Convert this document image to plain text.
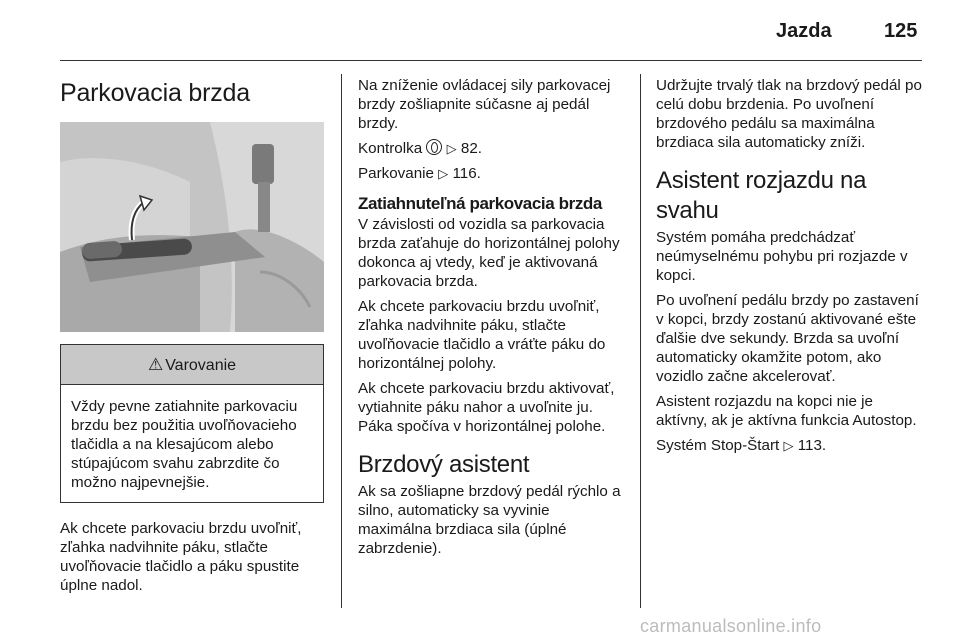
Jazda	125
Parkovacia brzda
⚠ Varovanie
Vždy pevne zatiahnite parkovaciu brzdu bez použitia uvoľňovacieho tlačidla a na klesajúcom alebo stúpajúcom svahu zabrzdite čo možno najpevnejšie.

Ak chcete parkovaciu brzdu uvoľniť, zľahka nadvihnite páku, stlačte uvoľňovacie tlačidlo a páku spustite úplne nadol.

Na zníženie ovládacej sily parkovacej brzdy zošliapnite súčasne aj pedál brzdy.

Kontrolka ▷ 82.

Parkovanie ▷ 116.

Zatiahnuteľná parkovacia brzda

V závislosti od vozidla sa parkovacia brzda zaťahuje do horizontálnej polohy dokonca aj vtedy, keď je aktivovaná parkovacia brzda.

Ak chcete parkovaciu brzdu uvoľniť, zľahka nadvihnite páku, stlačte uvoľňovacie tlačidlo a vráťte páku do horizontálnej polohy.

Ak chcete parkovaciu brzdu aktivovať, vytiahnite páku nahor a uvoľnite ju. Páka spočíva v horizontálnej polohe.

Brzdový asistent

Ak sa zošliapne brzdový pedál rýchlo a silno, automaticky sa vyvinie maximálna brzdiaca sila (úplné zabrzdenie).

Udržujte trvalý tlak na brzdový pedál po celú dobu brzdenia. Po uvoľnení brzdového pedálu sa maximálna brzdiaca sila automaticky zníži.

Asistent rozjazdu na svahu

Systém pomáha predchádzať neúmyselnému pohybu pri rozjazde v kopci.

Po uvoľnení pedálu brzdy po zastavení v kopci, brzdy zostanú aktivované ešte ďalšie dve sekundy. Brzda sa uvoľní automaticky okamžite potom, ako vozidlo začne akcelerovať.

Asistent rozjazdu na kopci nie je aktívny, ak je aktívna funkcia Autostop.

Systém Stop-Štart ▷ 113.

carmanualsonline.info
